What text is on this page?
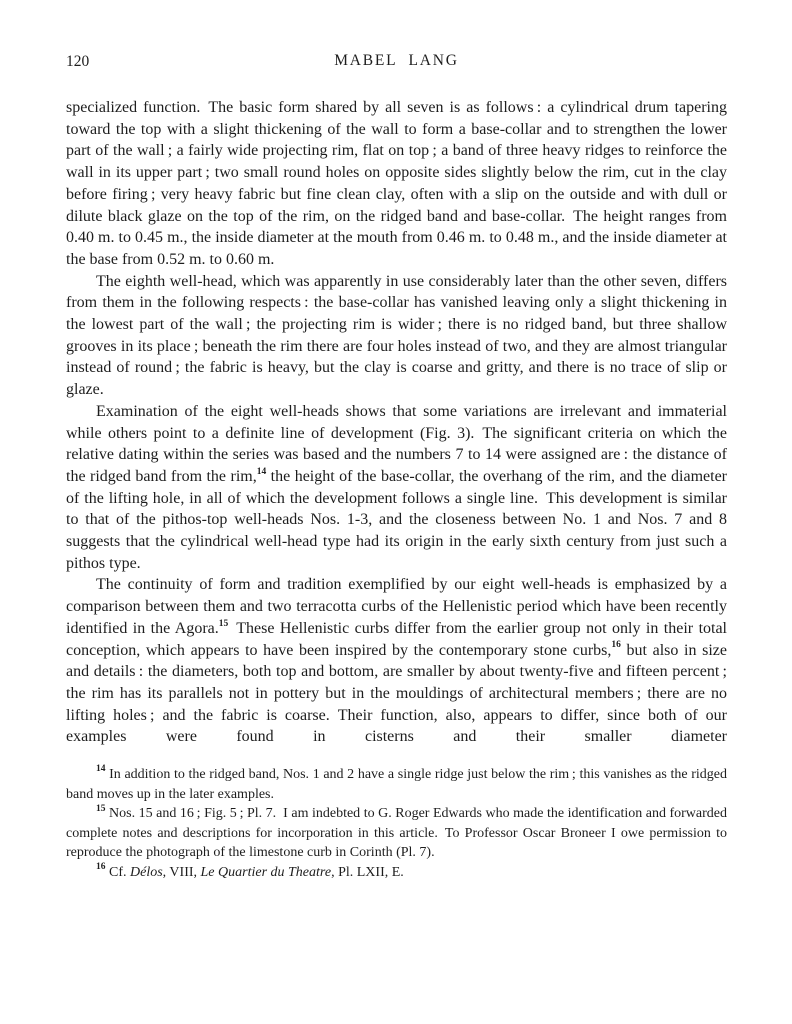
120	MABEL LANG

specialized function. The basic form shared by all seven is as follows : a cylindrical drum tapering toward the top with a slight thickening of the wall to form a base-collar and to strengthen the lower part of the wall ; a fairly wide projecting rim, flat on top ; a band of three heavy ridges to reinforce the wall in its upper part ; two small round holes on opposite sides slightly below the rim, cut in the clay before firing ; very heavy fabric but fine clean clay, often with a slip on the outside and with dull or dilute black glaze on the top of the rim, on the ridged band and base-collar. The height ranges from 0.40 m. to 0.45 m., the inside diameter at the mouth from 0.46 m. to 0.48 m., and the inside diameter at the base from 0.52 m. to 0.60 m.

The eighth well-head, which was apparently in use considerably later than the other seven, differs from them in the following respects : the base-collar has vanished leaving only a slight thickening in the lowest part of the wall ; the projecting rim is wider ; there is no ridged band, but three shallow grooves in its place ; beneath the rim there are four holes instead of two, and they are almost triangular instead of round ; the fabric is heavy, but the clay is coarse and gritty, and there is no trace of slip or glaze.

Examination of the eight well-heads shows that some variations are irrelevant and immaterial while others point to a definite line of development (Fig. 3). The significant criteria on which the relative dating within the series was based and the numbers 7 to 14 were assigned are : the distance of the ridged band from the rim,$^{14}$ the height of the base-collar, the overhang of the rim, and the diameter of the lifting hole, in all of which the development follows a single line. This development is similar to that of the pithos-top well-heads Nos. 1-3, and the closeness between No. 1 and Nos. 7 and 8 suggests that the cylindrical well-head type had its origin in the early sixth century from just such a pithos type.

The continuity of form and tradition exemplified by our eight well-heads is emphasized by a comparison between them and two terracotta curbs of the Hellenistic period which have been recently identified in the Agora.$^{15}$ These Hellenistic curbs differ from the earlier group not only in their total conception, which appears to have been inspired by the contemporary stone curbs,$^{16}$ but also in size and details : the diameters, both top and bottom, are smaller by about twenty-five and fifteen percent ; the rim has its parallels not in pottery but in the mouldings of architectural members ; there are no lifting holes ; and the fabric is coarse. Their function, also, appears to differ, since both of our examples were found in cisterns and their smaller diameter

$^{14}$ In addition to the ridged band, Nos. 1 and 2 have a single ridge just below the rim ; this vanishes as the ridged band moves up in the later examples.

$^{15}$ Nos. 15 and 16 ; Fig. 5 ; Pl. 7. I am indebted to G. Roger Edwards who made the identification and forwarded complete notes and descriptions for incorporation in this article. To Professor Oscar Broneer I owe permission to reproduce the photograph of the limestone curb in Corinth (Pl. 7).

$^{16}$ Cf. Délos, VIII, Le Quartier du Theatre, Pl. LXII, E.
